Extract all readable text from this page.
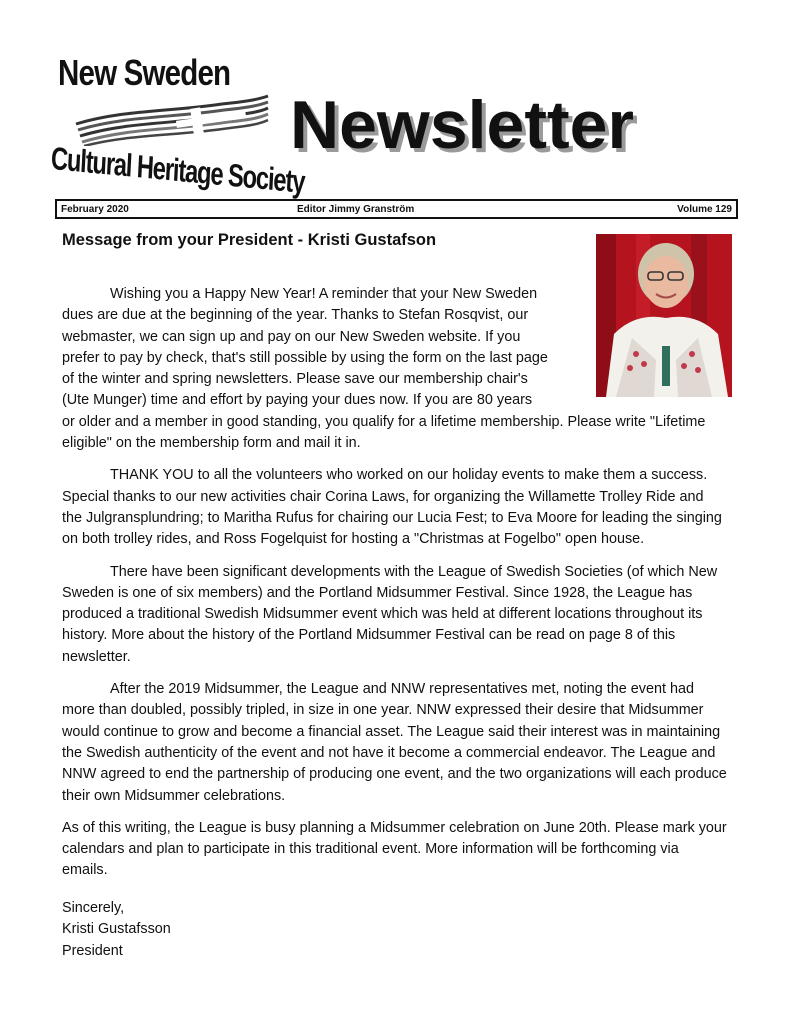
New Sweden
Cultural Heritage Society
Newsletter
February 2020	Editor Jimmy Granström	Volume 129
Message from your President - Kristi Gustafson
Wishing you a Happy New Year! A reminder that your New Sweden
dues are due at the beginning of the year. Thanks to Stefan Rosqvist, our
webmaster, we can sign up and pay on our New Sweden website. If you
prefer to pay by check, that's still possible by using the form on the last page
of the winter and spring newsletters. Please save our membership chair's
(Ute Munger) time and effort by paying your dues now. If you are 80 years
or older and a member in good standing, you qualify for a lifetime membership. Please write "Lifetime eligible" on the membership form and mail it in.
THANK YOU to all the volunteers who worked on our holiday events to make them a success. Special thanks to our new activities chair Corina Laws, for organizing the Willamette Trolley Ride and the Julgransplundring; to Maritha Rufus for chairing our Lucia Fest; to Eva Moore for leading the singing on both trolley rides, and Ross Fogelquist for hosting a "Christmas at Fogelbo" open house.
There have been significant developments with the League of Swedish Societies (of which New Sweden is one of six members) and the Portland Midsummer Festival. Since 1928, the League has produced a traditional Swedish Midsummer event which was held at different locations throughout its history. More about the history of the Portland Midsummer Festival can be read on page 8 of this newsletter.
After the 2019 Midsummer, the League and NNW representatives met, noting the event had more than doubled, possibly tripled, in size in one year. NNW expressed their desire that Midsummer would continue to grow and become a financial asset. The League said their interest was in maintaining the Swedish authenticity of the event and not have it become a commercial endeavor. The League and NNW agreed to end the partnership of producing one event, and the two organizations will each produce their own Midsummer celebrations.
As of this writing, the League is busy planning a Midsummer celebration on June 20th. Please mark your calendars and plan to participate in this traditional event. More information will be forthcoming via emails.
Sincerely,
Kristi Gustafsson
President
